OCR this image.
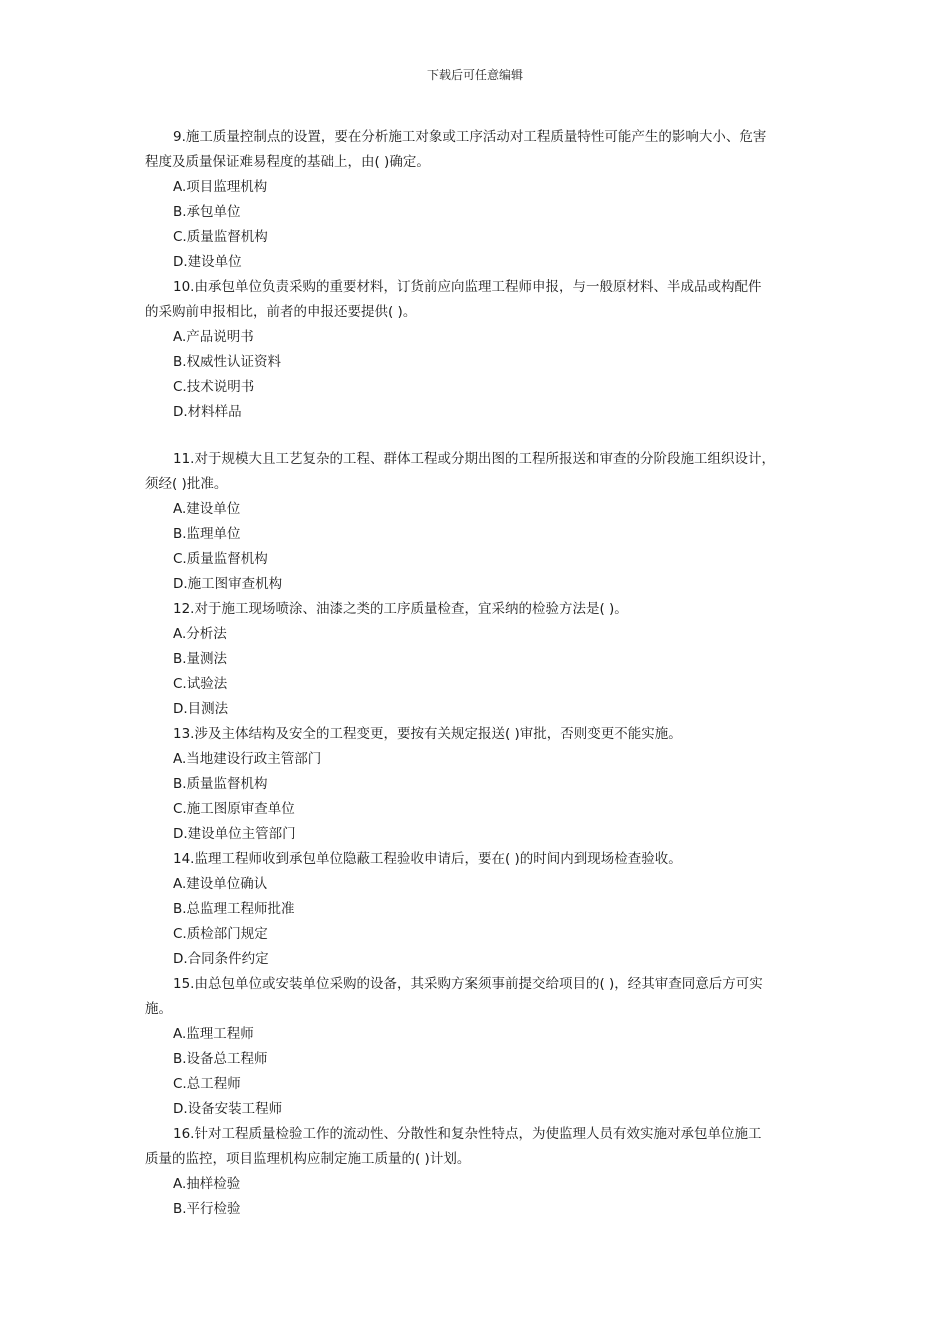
下载后可任意编辑
9.施工质量控制点的设置，要在分析施工对象或工序活动对工程质量特性可能产生的影响大小、危害
程度及质量保证难易程度的基础上，由( )确定。
A.项目监理机构
B.承包单位
C.质量监督机构
D.建设单位
10.由承包单位负责采购的重要材料，订货前应向监理工程师申报，与一般原材料、半成品或构配件
的采购前申报相比，前者的申报还要提供( )。
A.产品说明书
B.权威性认证资料
C.技术说明书
D.材料样品
11.对于规模大且工艺复杂的工程、群体工程或分期出图的工程所报送和审查的分阶段施工组织设计，
须经( )批准。
A.建设单位
B.监理单位
C.质量监督机构
D.施工图审查机构
12.对于施工现场喷涂、油漆之类的工序质量检查，宜采纳的检验方法是( )。
A.分析法
B.量测法
C.试验法
D.目测法
13.涉及主体结构及安全的工程变更，要按有关规定报送( )审批，否则变更不能实施。
A.当地建设行政主管部门
B.质量监督机构
C.施工图原审查单位
D.建设单位主管部门
14.监理工程师收到承包单位隐蔽工程验收申请后，要在( )的时间内到现场检查验收。
A.建设单位确认
B.总监理工程师批准
C.质检部门规定
D.合同条件约定
15.由总包单位或安装单位采购的设备，其采购方案须事前提交给项目的( )，经其审查同意后方可实
施。
A.监理工程师
B.设备总工程师
C.总工程师
D.设备安装工程师
16.针对工程质量检验工作的流动性、分散性和复杂性特点，为使监理人员有效实施对承包单位施工
质量的监控，项目监理机构应制定施工质量的( )计划。
A.抽样检验
B.平行检验
